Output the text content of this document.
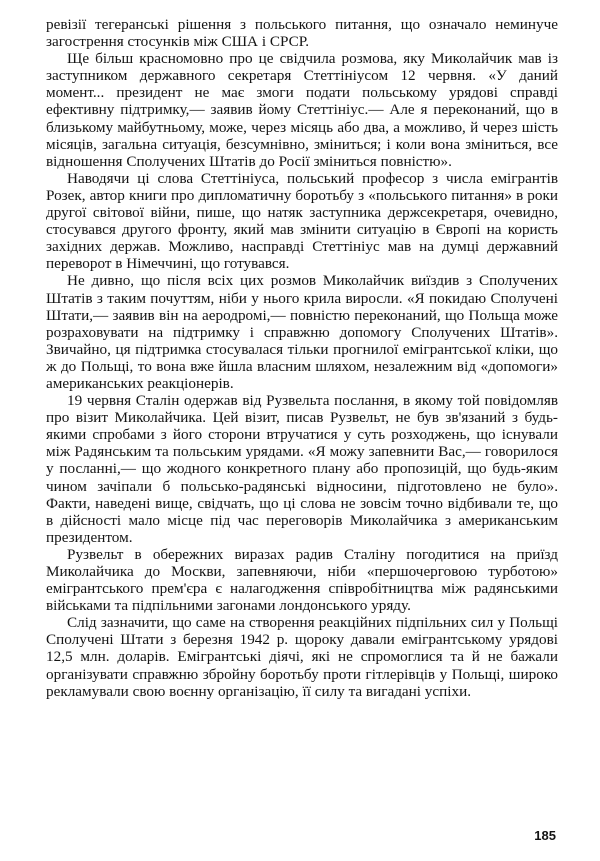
ревізії тегеранські рішення з польського питання, що означало неминуче загострення стосунків між США і СРСР.

Ще більш красномовно про це свідчила розмова, яку Миколайчик мав із заступником державного секретаря Стеттініусом 12 червня. «У даний момент... президент не має змоги подати польському урядові справді ефективну підтримку,— заявив йому Стеттініус.— Але я переконаний, що в близькому майбутньому, може, через місяць або два, а можливо, й через шість місяців, загальна ситуація, безсумнівно, зміниться; і коли вона зміниться, все відношення Сполучених Штатів до Росії зміниться повністю».

Наводячи ці слова Стеттініуса, польський професор з числа емігрантів Розек, автор книги про дипломатичну боротьбу з «польського питання» в роки другої світової війни, пише, що натяк заступника держсекретаря, очевидно, стосувався другого фронту, який мав змінити ситуацію в Європі на користь західних держав. Можливо, насправді Стеттініус мав на думці державний переворот в Німеччині, що готувався.

Не дивно, що після всіх цих розмов Миколайчик виїздив з Сполучених Штатів з таким почуттям, ніби у нього крила виросли. «Я покидаю Сполучені Штати,— заявив він на аеродромі,— повністю переконаний, що Польща може розраховувати на підтримку і справжню допомогу Сполучених Штатів». Звичайно, ця підтримка стосувалася тільки прогнилої емігрантської кліки, що ж до Польщі, то вона вже йшла власним шляхом, незалежним від «допомоги» американських реакціонерів.

19 червня Сталін одержав від Рузвельта послання, в якому той повідомляв про візит Миколайчика. Цей візит, писав Рузвельт, не був зв'язаний з будь-якими спробами з його сторони втручатися у суть розходжень, що існували між Радянським та польським урядами. «Я можу запевнити Вас,— говорилося у посланні,— що жодного конкретного плану або пропозицій, що будь-яким чином зачіпали б польсько-радянські відносини, підготовлено не було». Факти, наведені вище, свідчать, що ці слова не зовсім точно відбивали те, що в дійсності мало місце під час переговорів Миколайчика з американським президентом.

Рузвельт в обережних виразах радив Сталіну погодитися на приїзд Миколайчика до Москви, запевняючи, ніби «першочерговою турботою» емігрантського прем'єра є налагодження співробітництва між радянськими військами та підпільними загонами лондонського уряду.

Слід зазначити, що саме на створення реакційних підпільних сил у Польщі Сполучені Штати з березня 1942 р. щороку давали емігрантському урядові 12,5 млн. доларів. Емігрантські діячі, які не спромоглися та й не бажали організувати справжню збройну боротьбу проти гітлерівців у Польщі, широко рекламували свою воєнну організацію, її силу та вигадані успіхи.

185
